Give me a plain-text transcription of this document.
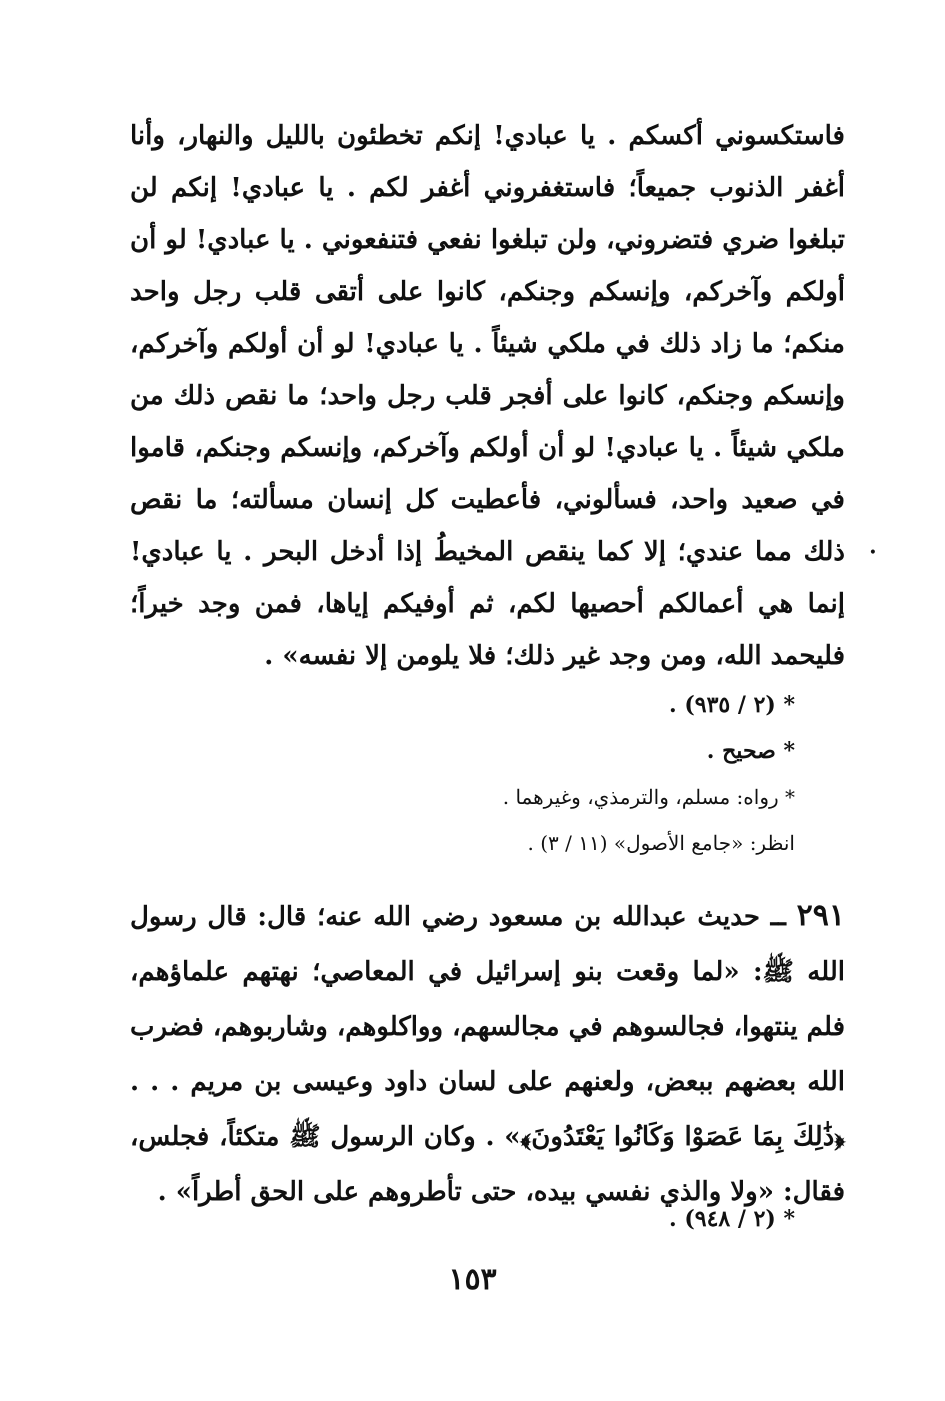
فاستكسوني أكسكم . يا عبادي! إنكم تخطئون بالليل والنهار، وأنا أغفر الذنوب جميعاً؛ فاستغفروني أغفر لكم . يا عبادي! إنكم لن تبلغوا ضري فتضروني، ولن تبلغوا نفعي فتنفعوني . يا عبادي! لو أن أولكم وآخركم، وإنسكم وجنكم، كانوا على أتقى قلب رجل واحد منكم؛ ما زاد ذلك في ملكي شيئاً . يا عبادي! لو أن أولكم وآخركم، وإنسكم وجنكم، كانوا على أفجر قلب رجل واحد؛ ما نقص ذلك من ملكي شيئاً . يا عبادي! لو أن أولكم وآخركم، وإنسكم وجنكم، قاموا في صعيد واحد، فسألوني، فأعطيت كل إنسان مسألته؛ ما نقص ذلك مما عندي؛ إلا كما ينقص المخيطُ إذا أدخل البحر . يا عبادي! إنما هي أعمالكم أحصيها لكم، ثم أوفيكم إياها، فمن وجد خيراً؛ فليحمد الله، ومن وجد غير ذلك؛ فلا يلومن إلا نفسه» .

•
* (٢ / ٩٣٥) .
* صحيح .
* رواه: مسلم، والترمذي، وغيرهما .
انظر: «جامع الأصول» (١١ / ٣) .

٢٩١ ــ حديث عبدالله بن مسعود رضي الله عنه؛ قال: قال رسول الله ﷺ: «لما وقعت بنو إسرائيل في المعاصي؛ نهتهم علماؤهم، فلم ينتهوا، فجالسوهم في مجالسهم، وواكلوهم، وشاربوهم، فضرب الله بعضهم ببعض، ولعنهم على لسان داود وعيسى بن مريم . . . ﴿ذَٰلِكَ بِمَا عَصَوْا وَكَانُوا يَعْتَدُونَ﴾» . وكان الرسول ﷺ متكئاً، فجلس، فقال: «ولا والذي نفسي بيده، حتى تأطروهم على الحق أطراً» .

* (٢ / ٩٤٨) .
١٥٣
